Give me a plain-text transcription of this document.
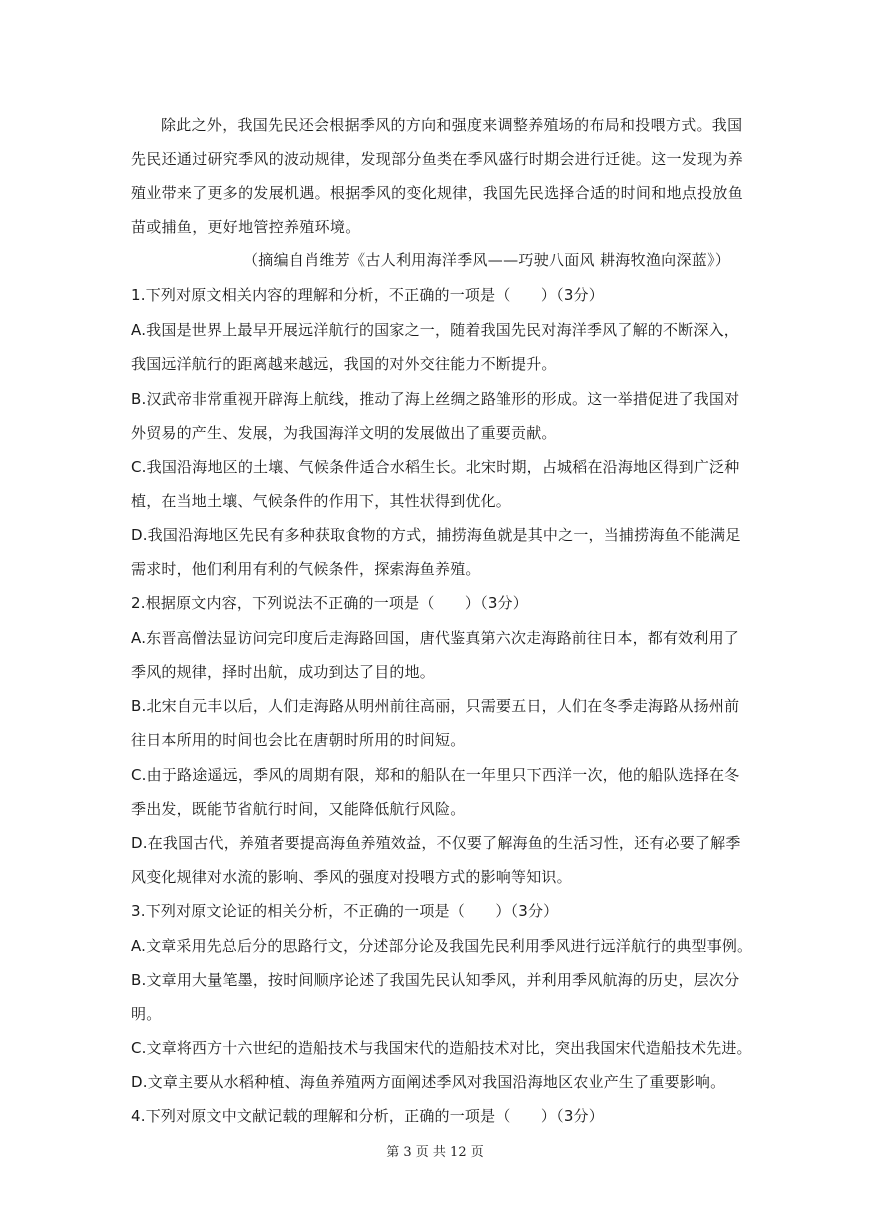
除此之外，我国先民还会根据季风的方向和强度来调整养殖场的布局和投喂方式。我国
先民还通过研究季风的波动规律，发现部分鱼类在季风盛行时期会进行迁徙。这一发现为养
殖业带来了更多的发展机遇。根据季风的变化规律，我国先民选择合适的时间和地点投放鱼
苗或捕鱼，更好地管控养殖环境。
（摘编自肖维芳《古人利用海洋季风——巧驶八面风 耕海牧渔向深蓝》）
1.下列对原文相关内容的理解和分析，不正确的一项是（　　）（3分）
A.我国是世界上最早开展远洋航行的国家之一，随着我国先民对海洋季风了解的不断深入，
我国远洋航行的距离越来越远，我国的对外交往能力不断提升。
B.汉武帝非常重视开辟海上航线，推动了海上丝绸之路雏形的形成。这一举措促进了我国对
外贸易的产生、发展，为我国海洋文明的发展做出了重要贡献。
C.我国沿海地区的土壤、气候条件适合水稻生长。北宋时期，占城稻在沿海地区得到广泛种
植，在当地土壤、气候条件的作用下，其性状得到优化。
D.我国沿海地区先民有多种获取食物的方式，捕捞海鱼就是其中之一，当捕捞海鱼不能满足
需求时，他们利用有利的气候条件，探索海鱼养殖。
2.根据原文内容，下列说法不正确的一项是（　　）（3分）
A.东晋高僧法显访问完印度后走海路回国，唐代鉴真第六次走海路前往日本，都有效利用了
季风的规律，择时出航，成功到达了目的地。
B.北宋自元丰以后，人们走海路从明州前往高丽，只需要五日，人们在冬季走海路从扬州前
往日本所用的时间也会比在唐朝时所用的时间短。
C.由于路途遥远，季风的周期有限，郑和的船队在一年里只下西洋一次，他的船队选择在冬
季出发，既能节省航行时间，又能降低航行风险。
D.在我国古代，养殖者要提高海鱼养殖效益，不仅要了解海鱼的生活习性，还有必要了解季
风变化规律对水流的影响、季风的强度对投喂方式的影响等知识。
3.下列对原文论证的相关分析，不正确的一项是（　　）（3分）
A.文章采用先总后分的思路行文，分述部分论及我国先民利用季风进行远洋航行的典型事例。
B.文章用大量笔墨，按时间顺序论述了我国先民认知季风，并利用季风航海的历史，层次分
明。
C.文章将西方十六世纪的造船技术与我国宋代的造船技术对比，突出我国宋代造船技术先进。
D.文章主要从水稻种植、海鱼养殖两方面阐述季风对我国沿海地区农业产生了重要影响。
4.下列对原文中文献记载的理解和分析，正确的一项是（　　）（3分）
第 3 页 共 12 页
